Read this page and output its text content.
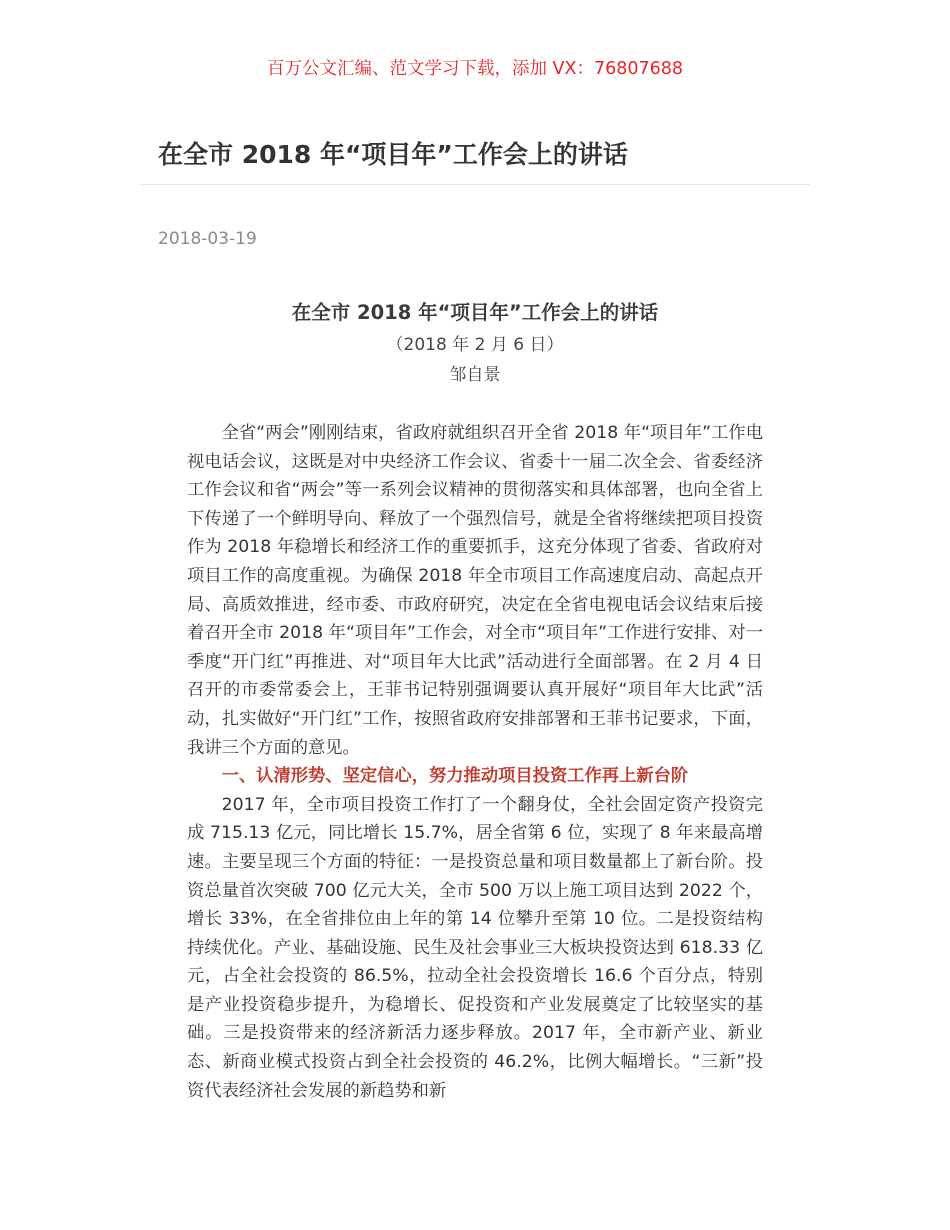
百万公文汇编、范文学习下载，添加 VX：76807688
在全市 2018 年“项目年”工作会上的讲话
2018-03-19
在全市 2018 年“项目年”工作会上的讲话
（2018 年 2 月 6 日）
邹自景

全省“两会”刚刚结束，省政府就组织召开全省 2018 年“项目年”工作电视电话会议，这既是对中央经济工作会议、省委十一届二次全会、省委经济工作会议和省“两会”等一系列会议精神的贯彻落实和具体部署，也向全省上下传递了一个鲜明导向、释放了一个强烈信号，就是全省将继续把项目投资作为 2018 年稳增长和经济工作的重要抓手，这充分体现了省委、省政府对项目工作的高度重视。为确保 2018 年全市项目工作高速度启动、高起点开局、高质效推进，经市委、市政府研究，决定在全省电视电话会议结束后接着召开全市 2018 年“项目年”工作会，对全市“项目年”工作进行安排、对一季度“开门红”再推进、对“项目年大比武”活动进行全面部署。在 2 月 4 日召开的市委常委会上，王菲书记特别强调要认真开展好“项目年大比武”活动，扎实做好“开门红”工作，按照省政府安排部署和王菲书记要求，下面，我讲三个方面的意见。

一、认清形势、坚定信心，努力推动项目投资工作再上新台阶

2017 年，全市项目投资工作打了一个翻身仗，全社会固定资产投资完成 715.13 亿元，同比增长 15.7%，居全省第 6 位，实现了 8 年来最高增速。主要呈现三个方面的特征：一是投资总量和项目数量都上了新台阶。投资总量首次突破 700 亿元大关，全市 500 万以上施工项目达到 2022 个，增长 33%，在全省排位由上年的第 14 位攀升至第 10 位。二是投资结构持续优化。产业、基础设施、民生及社会事业三大板块投资达到 618.33 亿元，占全社会投资的 86.5%，拉动全社会投资增长 16.6 个百分点，特别是产业投资稳步提升，为稳增长、促投资和产业发展奠定了比较坚实的基础。三是投资带来的经济新活力逐步释放。2017 年，全市新产业、新业态、新商业模式投资占到全社会投资的 46.2%，比例大幅增长。“三新”投资代表经济社会发展的新趋势和新
